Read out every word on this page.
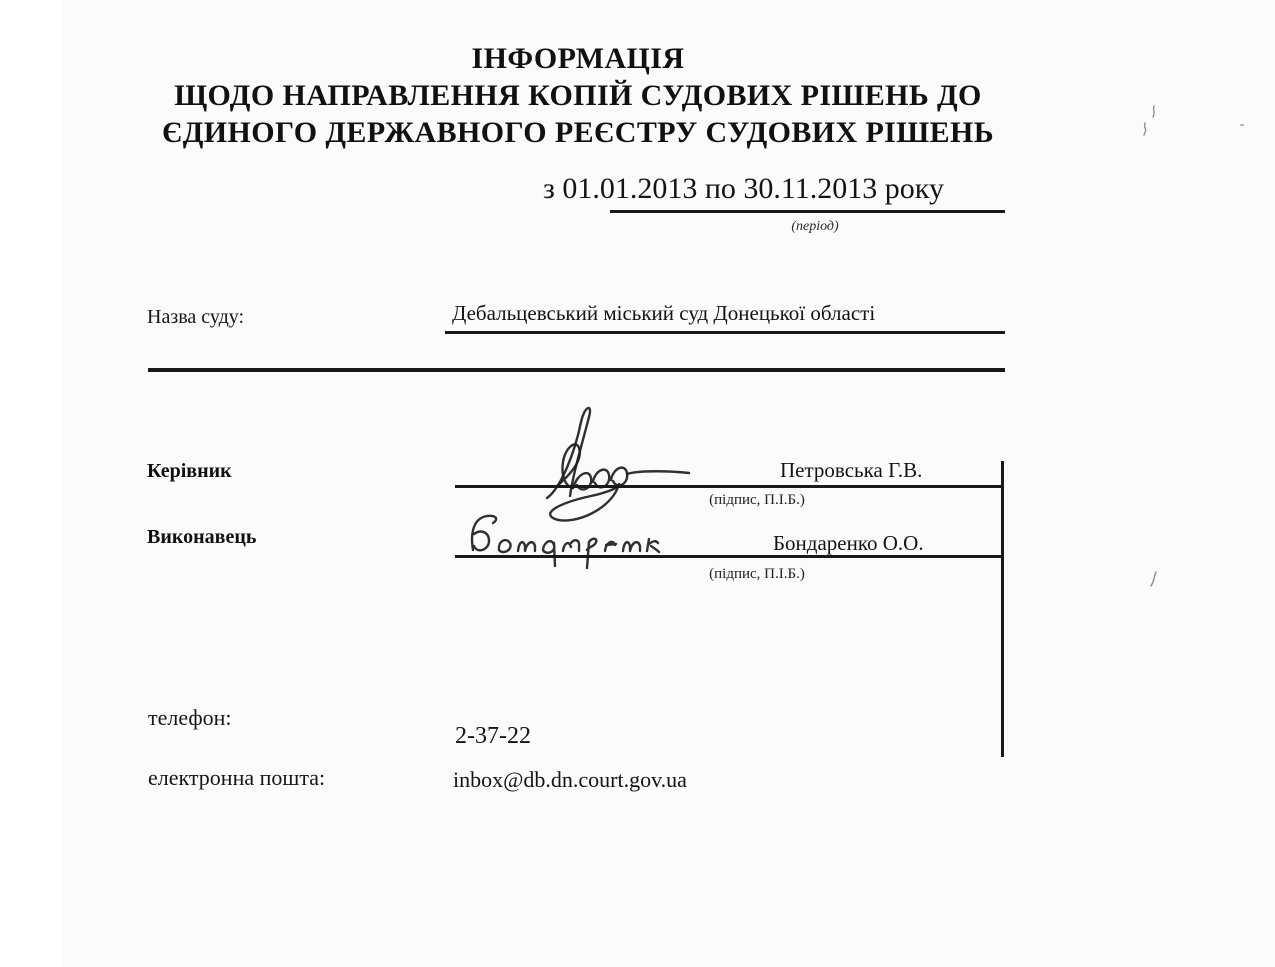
ІНФОРМАЦІЯ
ЩОДО НАПРАВЛЕННЯ КОПІЙ СУДОВИХ РІШЕНЬ ДО
ЄДИНОГО ДЕРЖАВНОГО РЕЄСТРУ СУДОВИХ РІШЕНЬ
з 01.01.2013 по 30.11.2013 року
(період)
Назва суду:	Дебальцевський міський суд Донецької області
Керівник	Петровська Г.В.
(підпис, П.І.Б.)
Виконавець	Бондаренко О.О.
(підпис, П.І.Б.)
телефон:
2-37-22
електронна пошта:	inbox@db.dn.court.gov.ua
